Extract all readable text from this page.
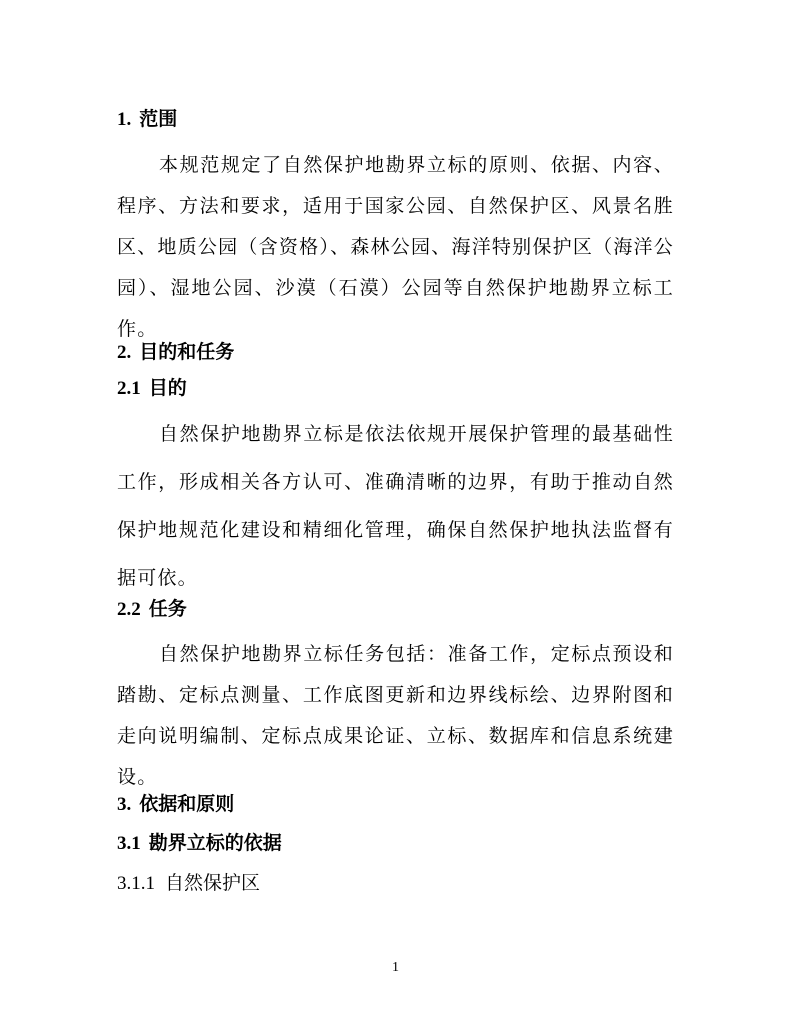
1. 范围
本规范规定了自然保护地勘界立标的原则、依据、内容、程序、方法和要求，适用于国家公园、自然保护区、风景名胜区、地质公园（含资格）、森林公园、海洋特别保护区（海洋公园）、湿地公园、沙漠（石漠）公园等自然保护地勘界立标工作。
2. 目的和任务
2.1 目的
自然保护地勘界立标是依法依规开展保护管理的最基础性工作，形成相关各方认可、准确清晰的边界，有助于推动自然保护地规范化建设和精细化管理，确保自然保护地执法监督有据可依。
2.2 任务
自然保护地勘界立标任务包括：准备工作，定标点预设和踏勘、定标点测量、工作底图更新和边界线标绘、边界附图和走向说明编制、定标点成果论证、立标、数据库和信息系统建设。
3. 依据和原则
3.1 勘界立标的依据
3.1.1 自然保护区
1
